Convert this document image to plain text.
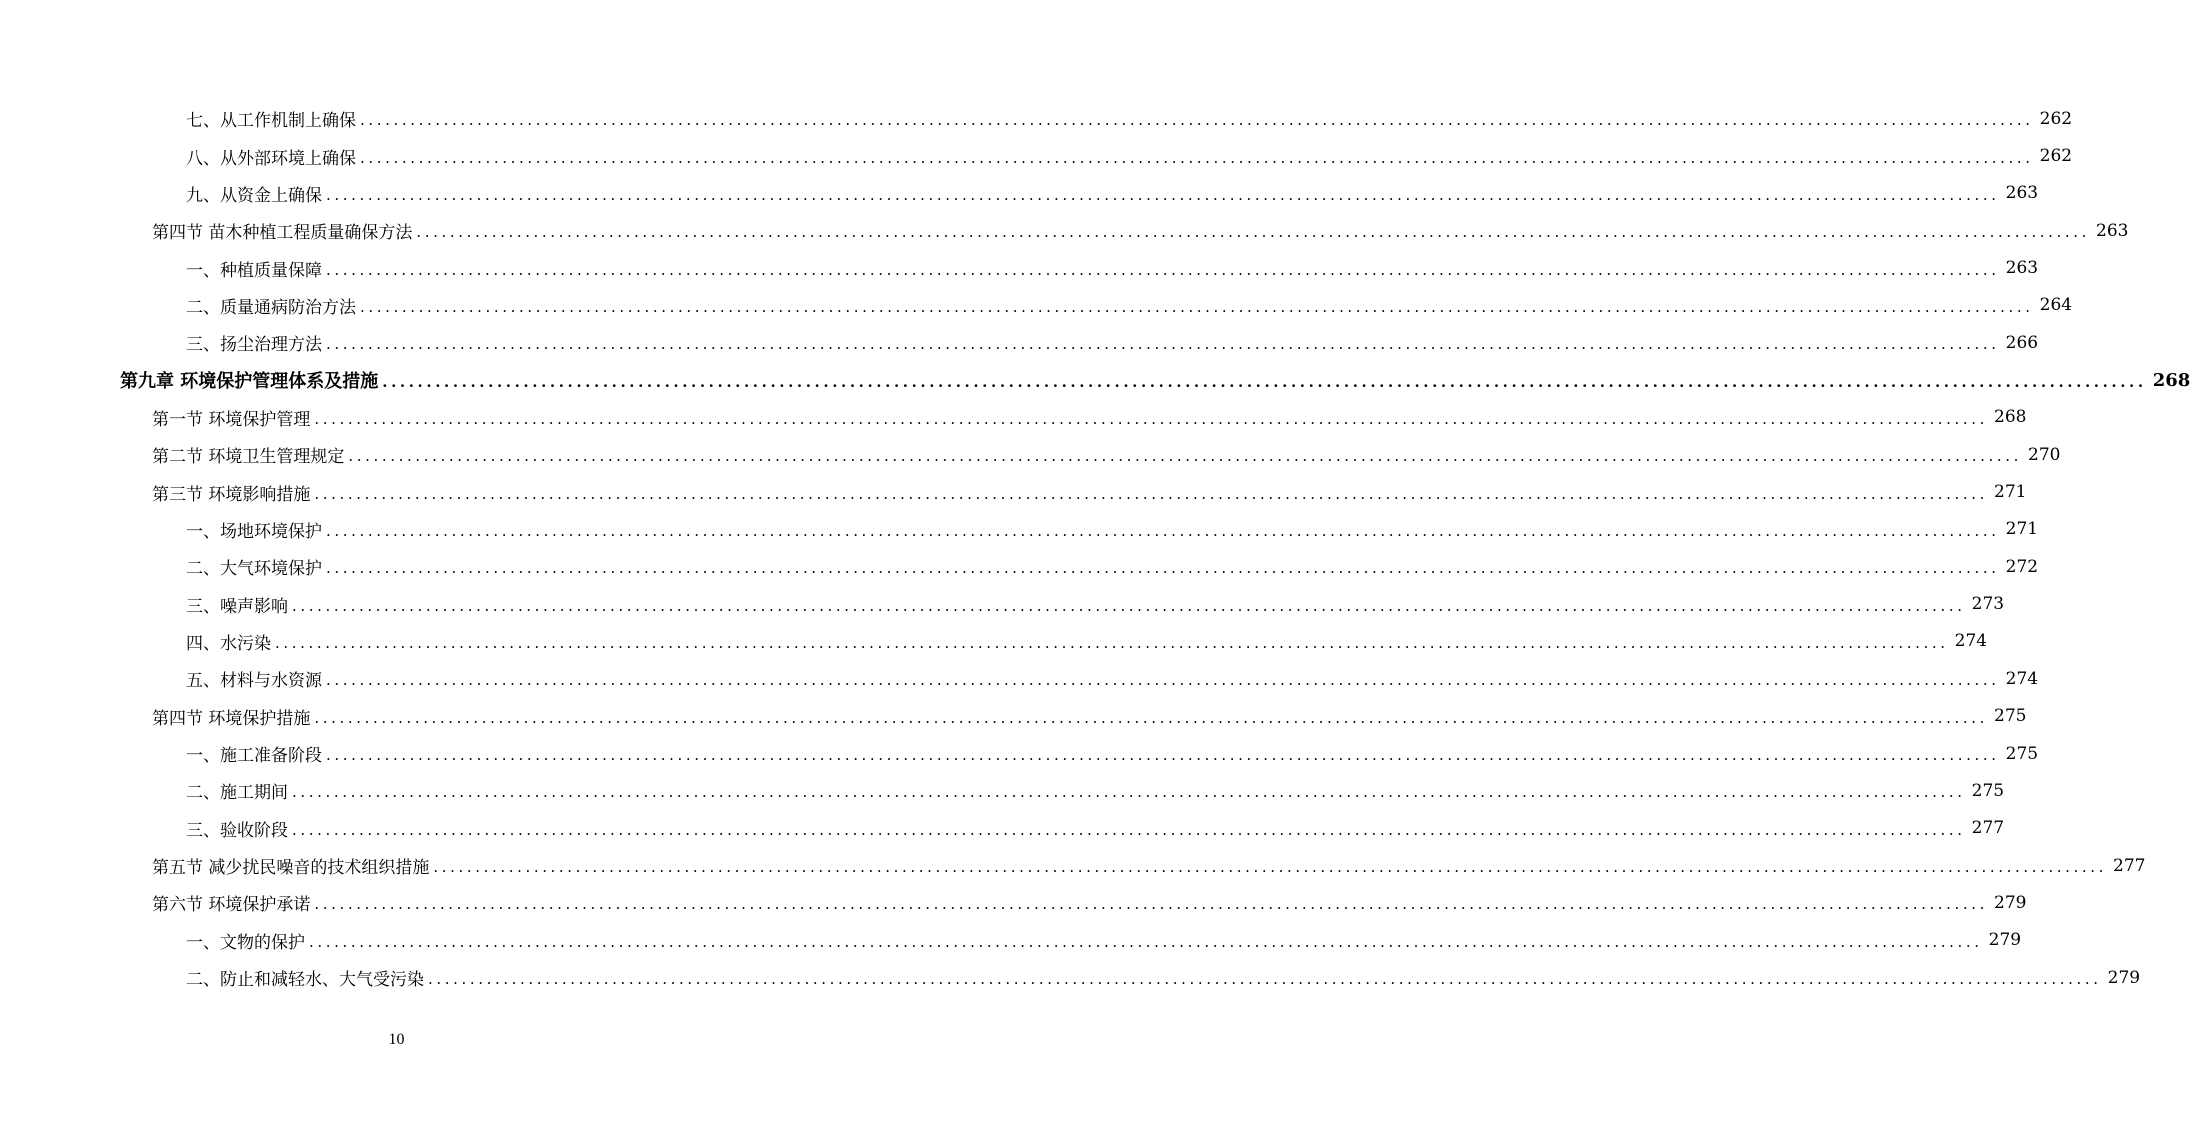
七、从工作机制上确保 ........................................................................................................................................................................................................ 262
八、从外部环境上确保 ........................................................................................................................................................................................................ 262
九、从资金上确保 ........................................................................................................................................................................................................ 263
第四节 苗木种植工程质量确保方法 ........................................................................................................................................................................................................ 263
一、种植质量保障 ........................................................................................................................................................................................................ 263
二、质量通病防治方法 ........................................................................................................................................................................................................ 264
三、扬尘治理方法 ........................................................................................................................................................................................................ 266
第九章 环境保护管理体系及措施 ........................................................................................................................................................................................................ 268
第一节 环境保护管理 ........................................................................................................................................................................................................ 268
第二节 环境卫生管理规定 ........................................................................................................................................................................................................ 270
第三节 环境影响措施 ........................................................................................................................................................................................................ 271
一、场地环境保护 ........................................................................................................................................................................................................ 271
二、大气环境保护 ........................................................................................................................................................................................................ 272
三、噪声影响 ........................................................................................................................................................................................................ 273
四、水污染 ........................................................................................................................................................................................................ 274
五、材料与水资源 ........................................................................................................................................................................................................ 274
第四节 环境保护措施 ........................................................................................................................................................................................................ 275
一、施工准备阶段 ........................................................................................................................................................................................................ 275
二、施工期间 ........................................................................................................................................................................................................ 275
三、验收阶段 ........................................................................................................................................................................................................ 277
第五节 减少扰民噪音的技术组织措施 ........................................................................................................................................................................................................ 277
第六节 环境保护承诺 ........................................................................................................................................................................................................ 279
一、文物的保护 ........................................................................................................................................................................................................ 279
二、防止和减轻水、大气受污染 ........................................................................................................................................................................................................ 279
10
